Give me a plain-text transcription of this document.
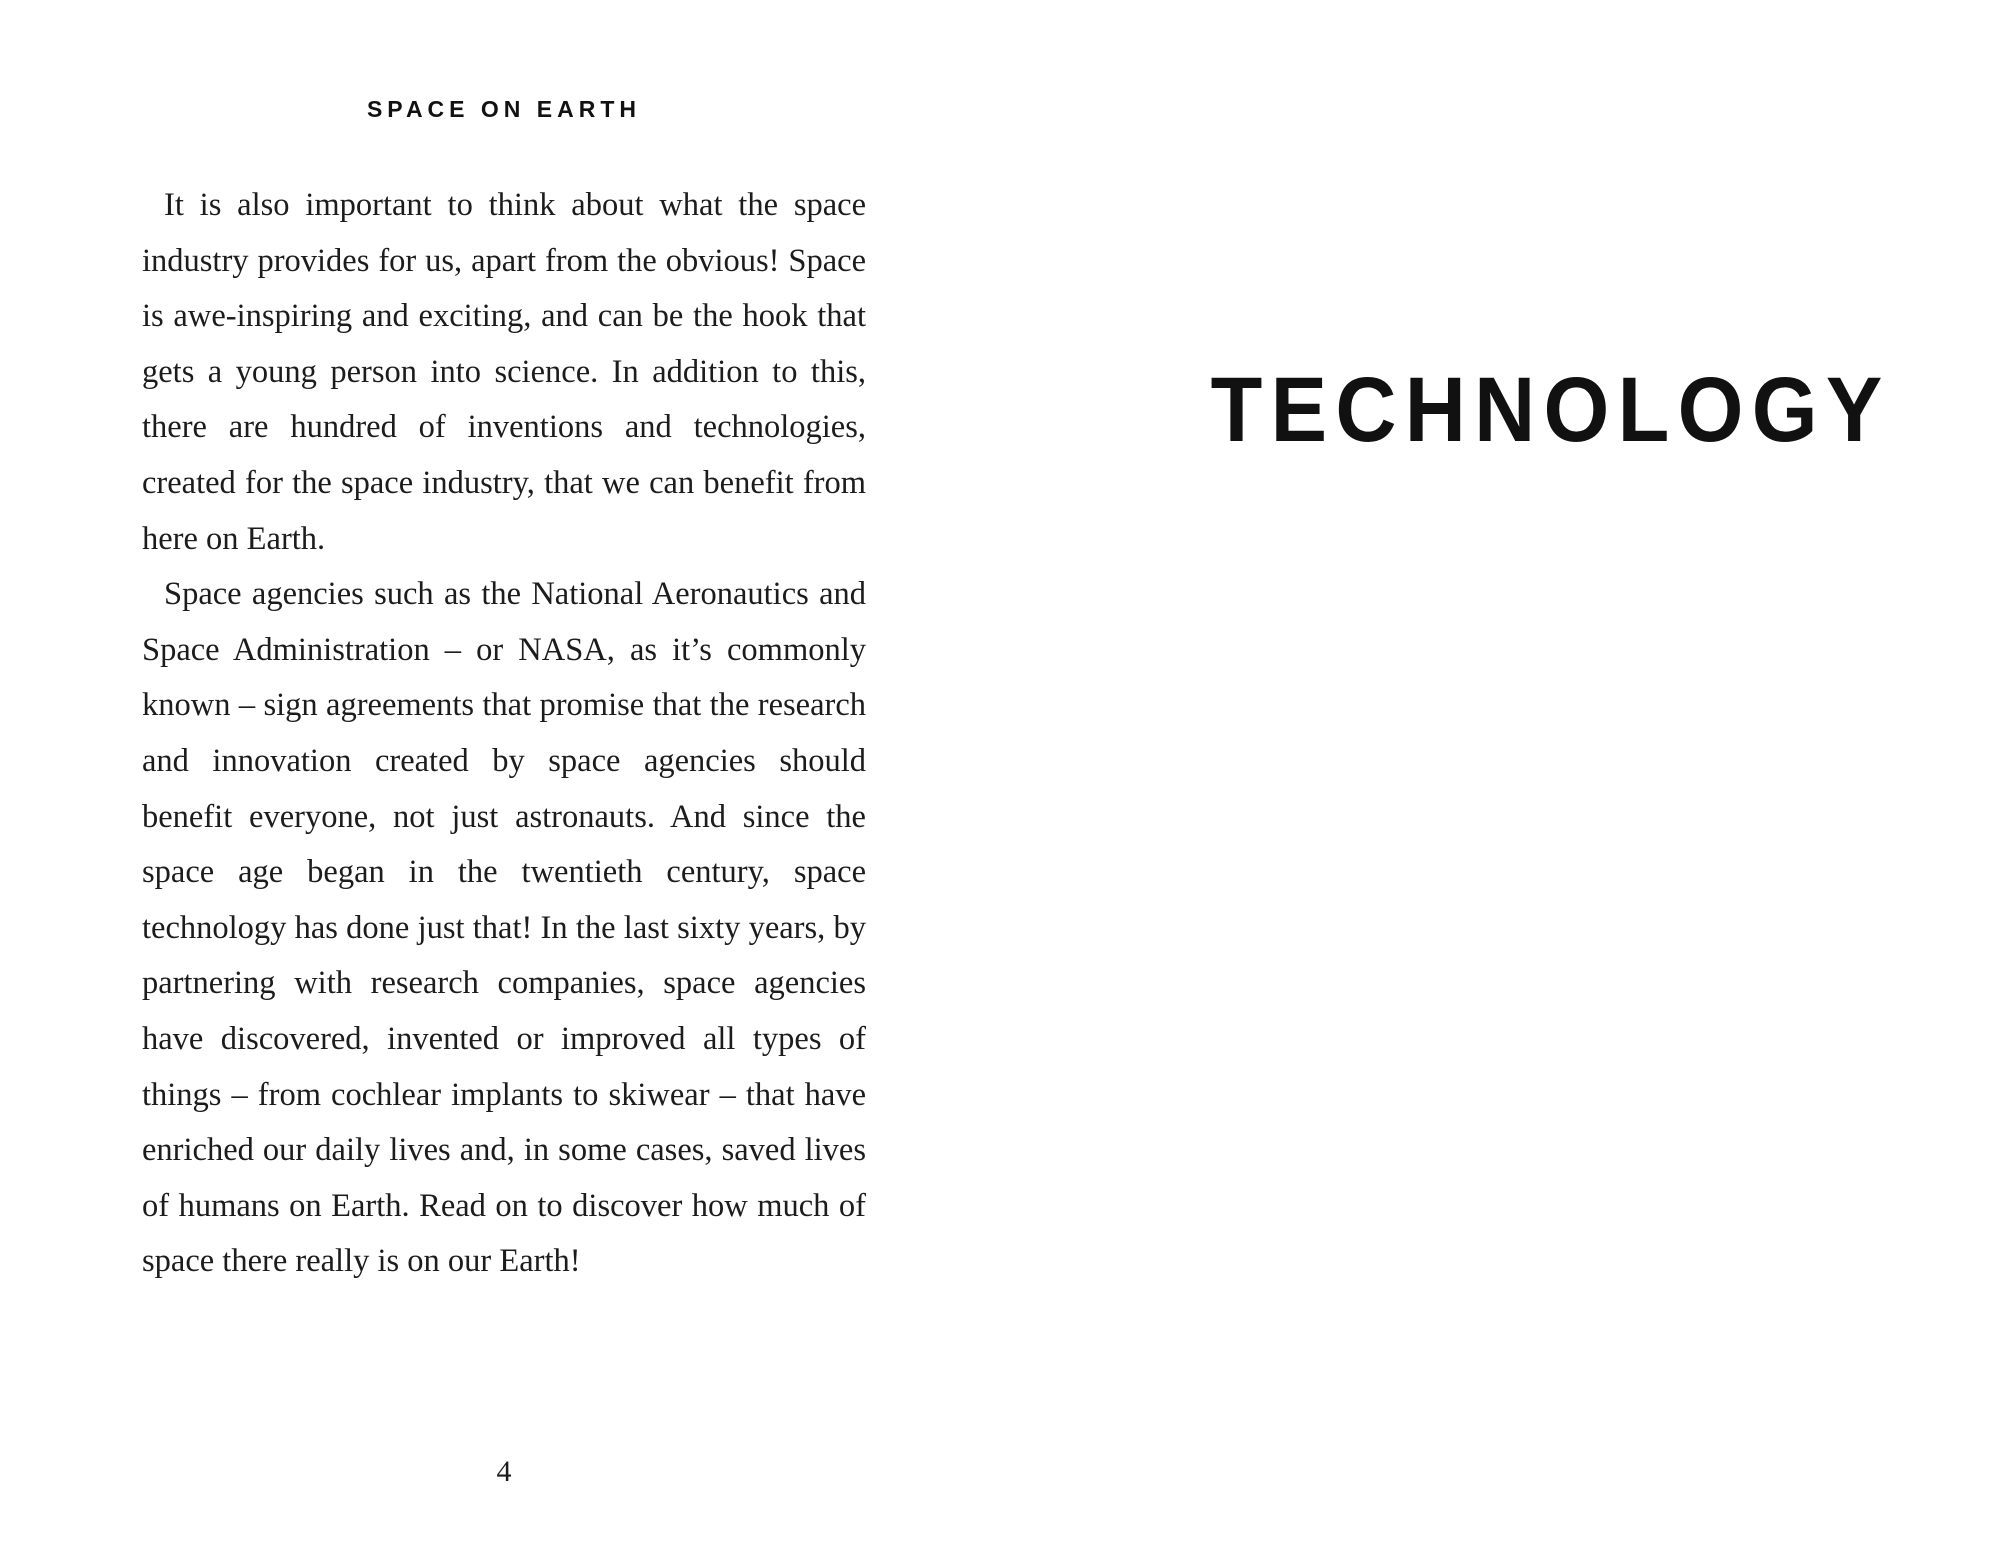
SPACE ON EARTH

It is also important to think about what the space industry provides for us, apart from the obvious! Space is awe-inspiring and exciting, and can be the hook that gets a young person into science. In addition to this, there are hundred of inventions and technologies, created for the space industry, that we can benefit from here on Earth.

Space agencies such as the National Aeronautics and Space Administration – or NASA, as it’s commonly known – sign agreements that promise that the research and innovation created by space agencies should benefit everyone, not just astronauts. And since the space age began in the twentieth century, space technology has done just that! In the last sixty years, by partnering with research companies, space agencies have discovered, invented or improved all types of things – from cochlear implants to skiwear – that have enriched our daily lives and, in some cases, saved lives of humans on Earth. Read on to discover how much of space there really is on our Earth!

4
TECHNOLOGY
